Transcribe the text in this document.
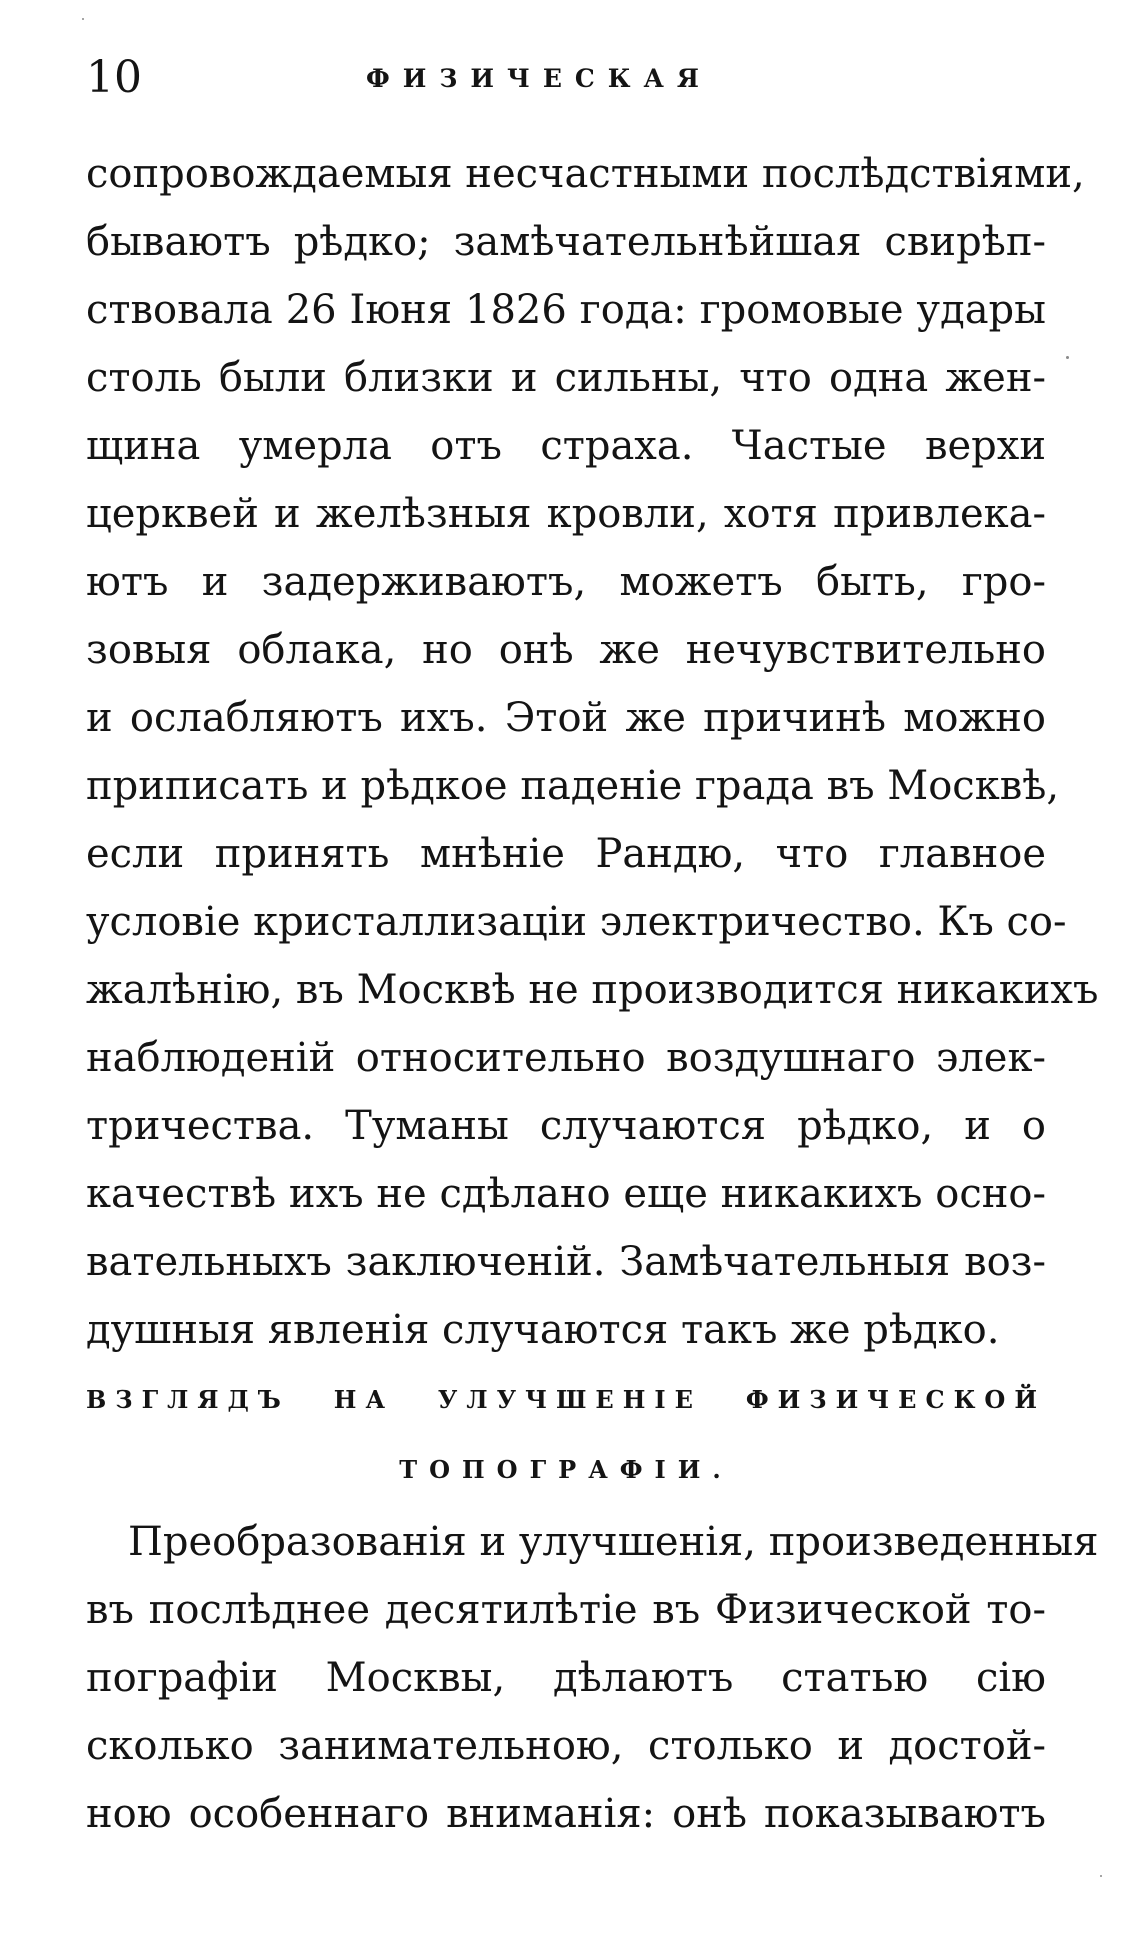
10	ФИЗИЧЕСКАЯ
сопровождаемыя несчастными послѣдствіями,
бываютъ рѣдко; замѣчательнѣйшая свирѣп-
ствовала 26 Іюня 1826 года: громовые удары
столь были близки и сильны, что одна жен-
щина умерла отъ страха. Частые верхи
церквей и желѣзныя кровли, хотя привлека-
ютъ и задерживаютъ, можетъ быть, гро-
зовыя облака, но онѣ же нечувствительно
и ослабляютъ ихъ. Этой же причинѣ можно
приписать и рѣдкое паденіе града въ Москвѣ,
если принять мнѣніе Рандю, что главное
условіе кристаллизаціи электричество. Къ со-
жалѣнію, въ Москвѣ не производится никакихъ
наблюденій относительно воздушнаго элек-
тричества. Туманы случаются рѣдко, и о
качествѣ ихъ не сдѣлано еще никакихъ осно-
вательныхъ заключеній. Замѣчательныя воз-
душныя явленія случаются такъ же рѣдко.
ВЗГЛЯДЪ НА УЛУЧШЕНІЕ ФИЗИЧЕСКОЙ
ТОПОГРАФІИ.
Преобразованія и улучшенія, произведенныя
въ послѣднее десятилѣтіе въ Физической то-
пографіи Москвы, дѣлаютъ статью сію
сколько занимательною, столько и достой-
ною особеннаго вниманія: онѣ показываютъ
